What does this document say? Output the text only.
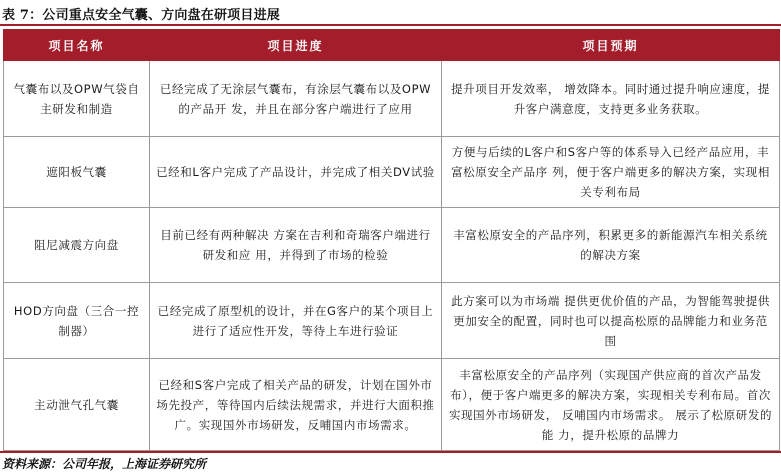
表 7：公司重点安全气囊、方向盘在研项目进展
项目名称	项目进度	项目预期
气囊布以及OPW气袋自主研发和制造	已经完成了无涂层气囊布，有涂层气囊布以及OPW的产品开 发，并且在部分客户端进行了应用	提升项目开发效率， 增效降本。同时通过提升响应速度，提升客户满意度，支持更多业务获取。
遮阳板气囊	已经和L客户完成了产品设计，并完成了相关DV试验	方便与后续的L客户和S客户等的体系导入已经产品应用，丰 富松原安全产品序 列，便于客户端更多的解决方案，实现相关专利布局
阻尼减震方向盘	目前已经有两种解决 方案在吉利和奇瑞客户端进行研发和应 用，并得到了市场的检验	丰富松原安全的产品序列，积累更多的新能源汽车相关系统的解决方案
HOD方向盘（三合一控制器）	已经完成了原型机的设计，并在G客户的某个项目上进行了适应性开发，等待上车进行验证	此方案可以为市场端 提供更优价值的产品，为智能驾驶提供更加安全的配置，同时也可以提高松原的品牌能力和业务范围
主动泄气孔气囊	已经和S客户完成了相关产品的研发，计划在国外市场先投产，等待国内后续法规需求，并进行大面积推广。实现国外市场研发，反哺国内市场需求。	丰富松原安全的产品序列（实现国产供应商的首次产品发布），便于客户端更多的解决方案，实现相关专利布局。首次实现国外市场研发， 反哺国内市场需求。 展示了松原研发的能 力，提升松原的品牌力
资料来源：公司年报，上海证券研究所
